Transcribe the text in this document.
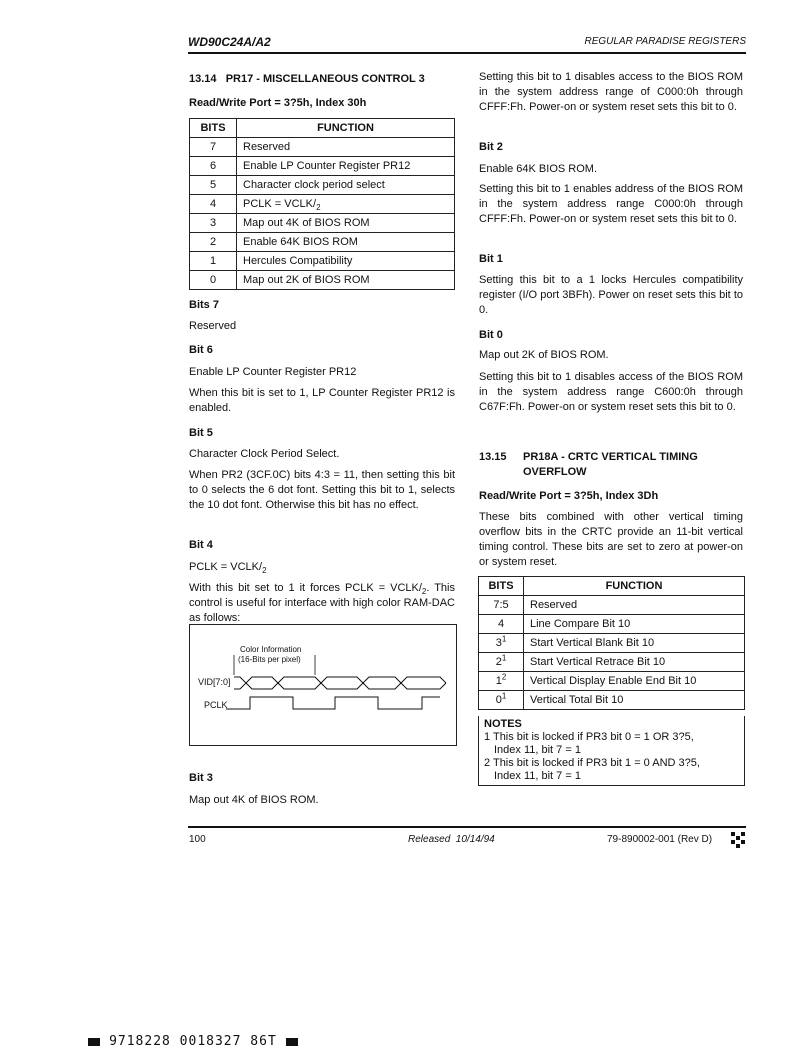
WD90C24A/A2	REGULAR PARADISE REGISTERS
13.14   PR17 - MISCELLANEOUS CONTROL 3
Read/Write Port = 3?5h, Index 30h
BITS	FUNCTION
7	Reserved
6	Enable LP Counter Register PR12
5	Character clock period select
4	PCLK = VCLK/$_2$
3	Map out 4K of BIOS ROM
2	Enable 64K BIOS ROM
1	Hercules Compatibility
0	Map out 2K of BIOS ROM
Bits 7
Reserved
Bit 6
Enable LP Counter Register PR12

When this bit is set to 1, LP Counter Register PR12 is enabled.

Bit 5
Character Clock Period Select.

When PR2 (3CF.0C) bits 4:3 = 11, then setting this bit to 0 selects the 6 dot font. Setting this bit to 1, selects the 10 dot font. Otherwise this bit has no effect.

Bit 4
PCLK = VCLK/$_2$

With this bit set to 1 it forces PCLK = VCLK/$_2$. This control is useful for interface with high color RAM-DAC as follows:

Color Information
(16-Bits per pixel)
VID[7:0]
PCLK
Bit 3
Map out 4K of BIOS ROM.

Setting this bit to 1 disables access to the BIOS ROM in the system address range of C000:0h through CFFF:Fh. Power-on or system reset sets this bit to 0.

Bit 2
Enable 64K BIOS ROM.

Setting this bit to 1 enables address of the BIOS ROM in the system address range C000:0h through CFFF:Fh. Power-on or system reset sets this bit to 0.

Bit 1

Setting this bit to a 1 locks Hercules compatibility register (I/O port 3BFh). Power on reset sets this bit to 0.

Bit 0
Map out 2K of BIOS ROM.

Setting this bit to 1 disables access of the BIOS ROM in the system address range C600:0h through C67F:Fh. Power-on or system reset sets this bit to 0.

13.15 PR18A - CRTC VERTICAL TIMING
OVERFLOW
Read/Write Port = 3?5h, Index 3Dh

These bits combined with other vertical timing overflow bits in the CRTC provide an 11-bit vertical timing control. These bits are set to zero at power-on or system reset.

BITS	FUNCTION
7:5	Reserved
4	Line Compare Bit 10
$3^1$	Start Vertical Blank Bit 10
$2^1$	Start Vertical Retrace Bit 10
$1^2$	Vertical Display Enable End Bit 10
$0^1$	Vertical Total Bit 10
NOTES
1 This bit is locked if PR3 bit 0 = 1 OR 3?5,
Index 11, bit 7 = 1
2 This bit is locked if PR3 bit 1 = 0 AND 3?5,
Index 11, bit 7 = 1
100	Released  10/14/94	79-890002-001 (Rev D)
9718228 0018327 86T
